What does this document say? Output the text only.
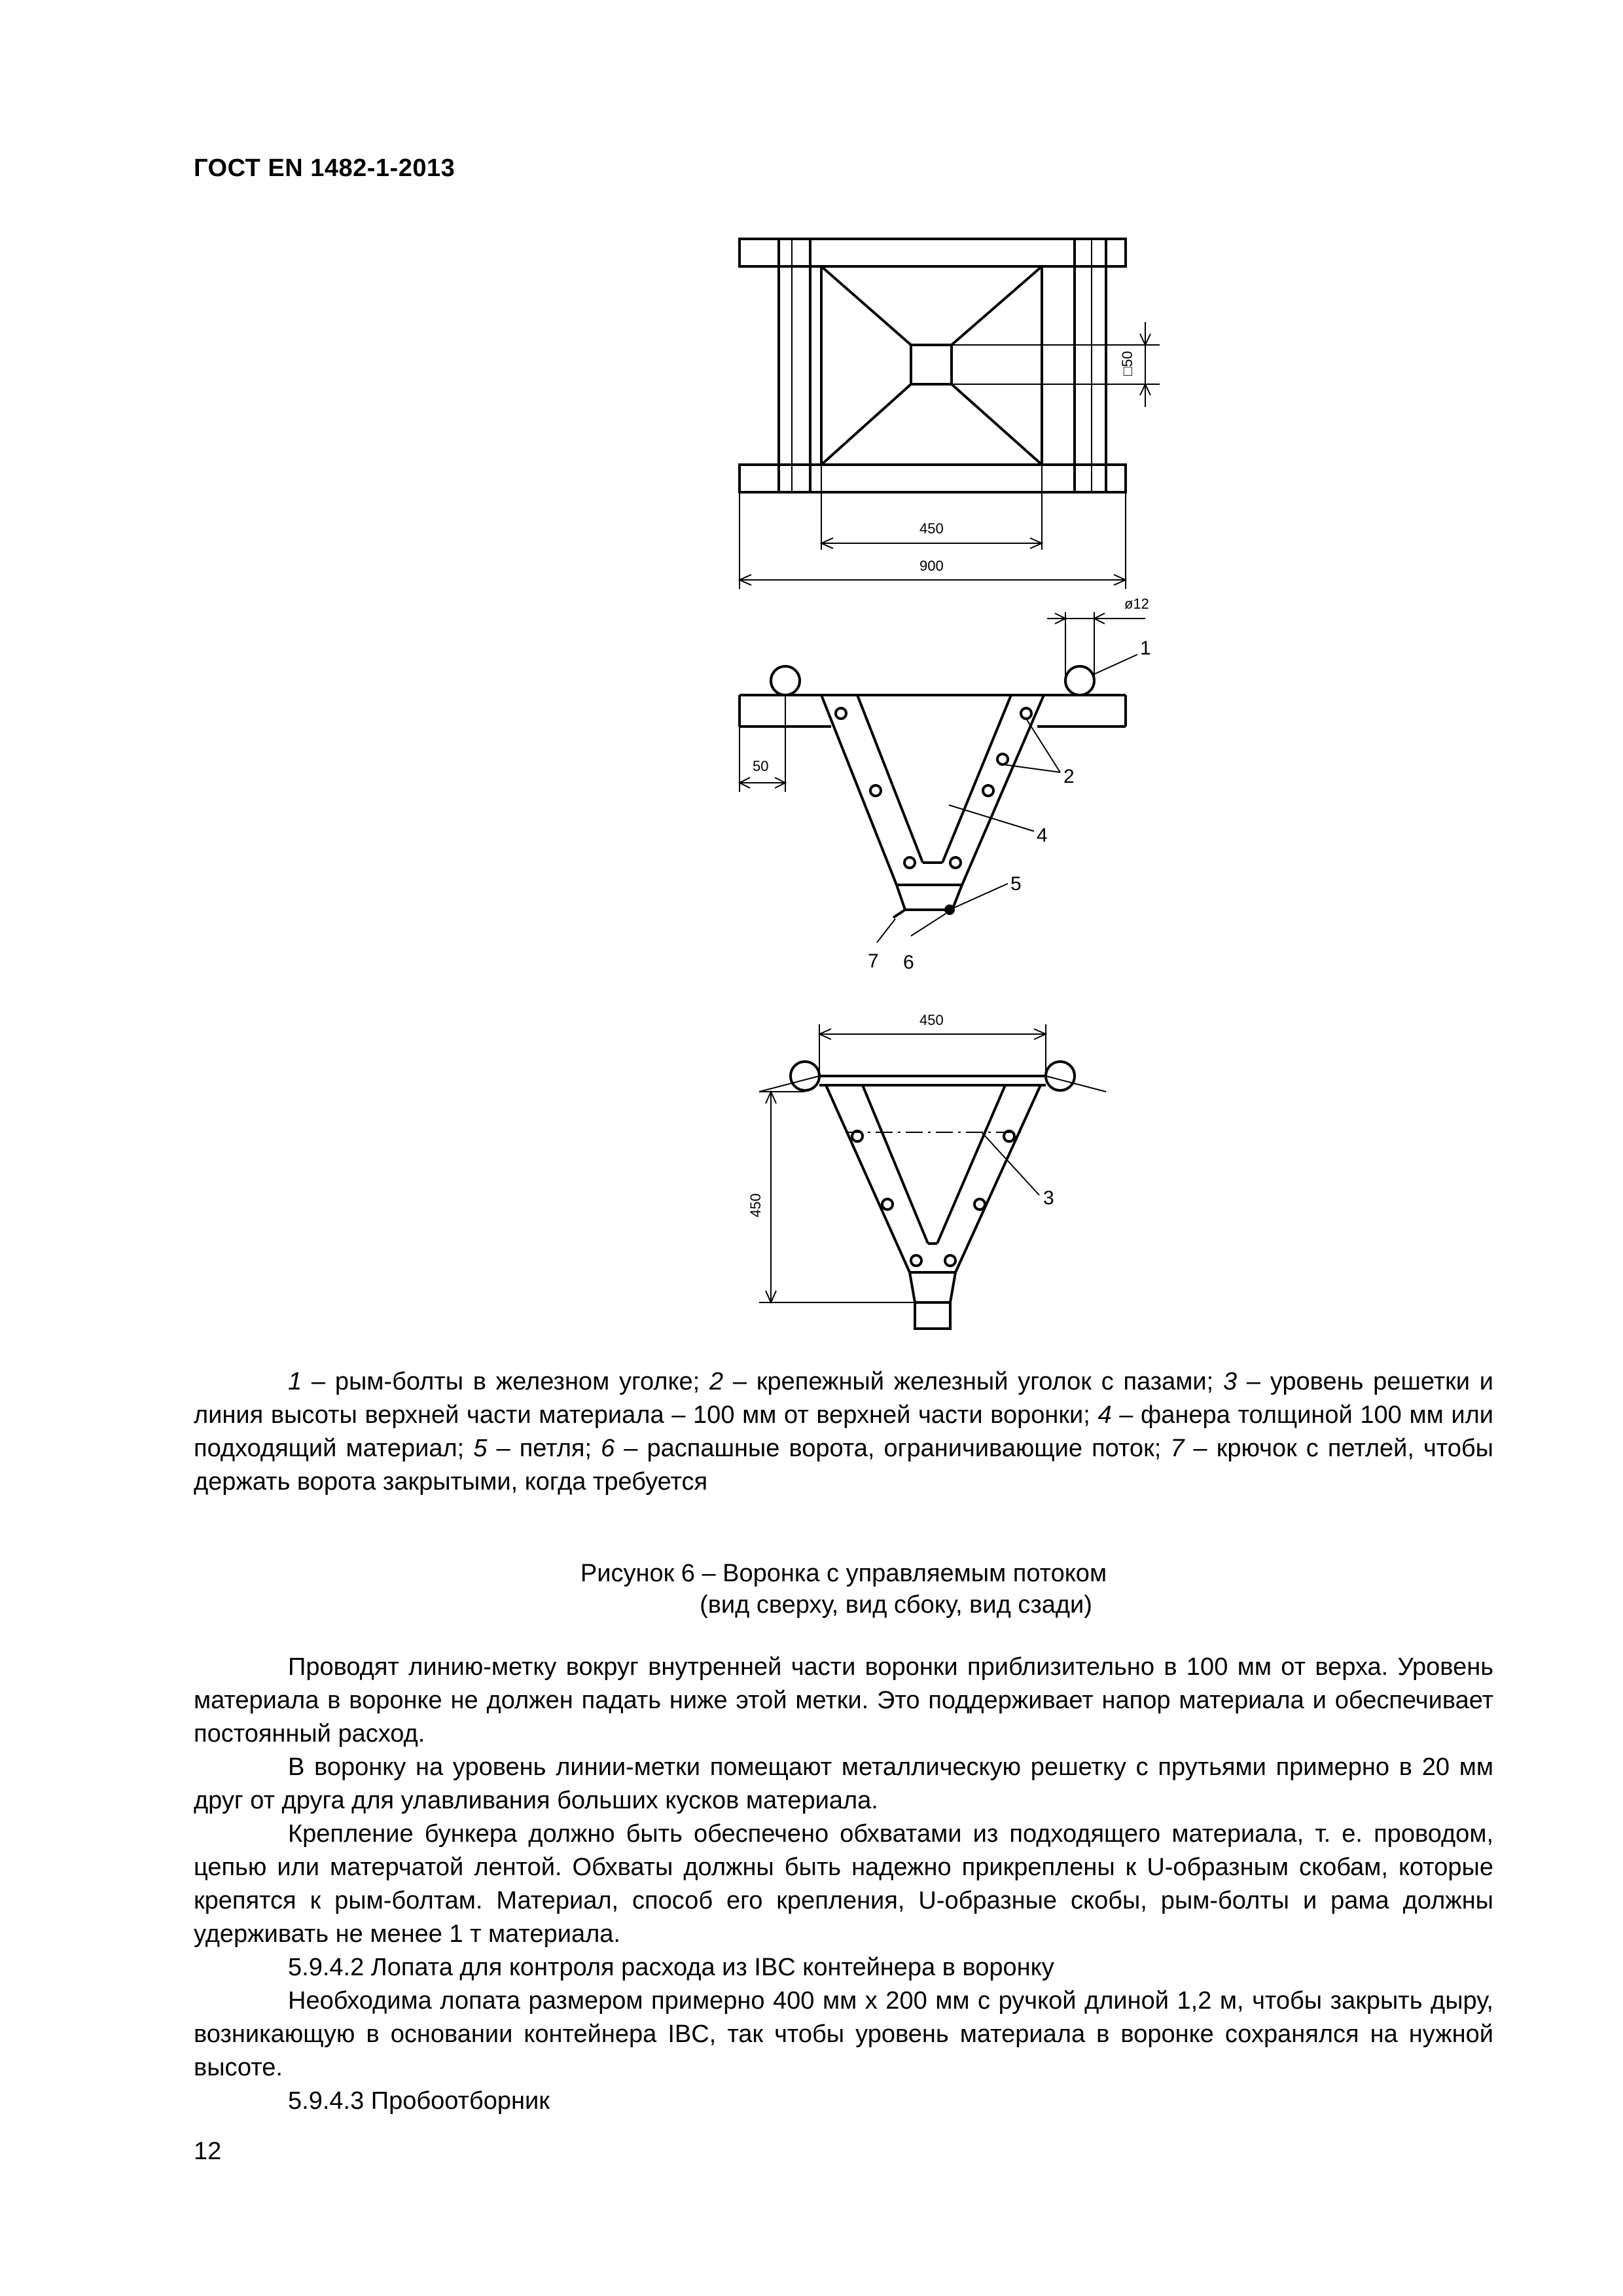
ГОСТ EN 1482-1-2013
□50
450
900
ø12
50
1
2
4
5
6
7
450
450	3
1 – рым-болты в железном уголке; 2 – крепежный железный уголок с пазами; 3 – уровень решетки и линия высоты верхней части материала – 100 мм от верхней части воронки; 4 – фанера толщиной 100 мм или подходящий материал; 5 – петля; 6 – распашные ворота, ограничивающие поток; 7 – крючок с петлей, чтобы держать ворота закрытыми, когда требуется
Рисунок 6 – Воронка с управляемым потоком
(вид сверху, вид сбоку, вид сзади)

Проводят линию-метку вокруг внутренней части воронки приблизительно в 100 мм от верха. Уровень материала в воронке не должен падать ниже этой метки. Это поддерживает напор материала и обеспечивает постоянный расход.

В воронку на уровень линии-метки помещают металлическую решетку с прутьями примерно в 20 мм друг от друга для улавливания больших кусков материала.

Крепление бункера должно быть обеспечено обхватами из подходящего материала, т. е. проводом, цепью или матерчатой лентой. Обхваты должны быть надежно прикреплены к U-образным скобам, которые крепятся к рым-болтам. Материал, способ его крепления, U-образные скобы, рым-болты и рама должны удерживать не менее 1 т материала.

5.9.4.2 Лопата для контроля расхода из IBC контейнера в воронку

Необходима лопата размером примерно 400 мм х 200 мм с ручкой длиной 1,2 м, чтобы закрыть дыру, возникающую в основании контейнера IBC, так чтобы уровень материала в воронке сохранялся на нужной высоте.

5.9.4.3 Пробоотборник

12
